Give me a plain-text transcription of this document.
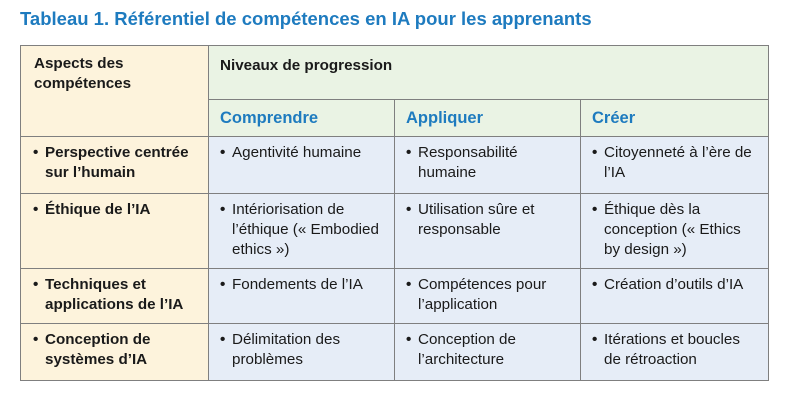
Tableau 1. Référentiel de compétences en IA pour les apprenants
Aspects des compétences	Niveaux de progression		
	Comprendre	Appliquer	Créer

• Perspective centrée sur l’humain	• Agentivité humaine	• Responsabilité humaine	• Citoyenneté à l’ère de l’IA

• Éthique de l’IA	• Intériorisation de l’éthique (« Embodied ethics »)	• Utilisation sûre et responsable	• Éthique dès la conception (« Ethics by design »)

• Techniques et applications de l’IA	• Fondements de l’IA	• Compétences pour l’application	• Création d’outils d’IA

• Conception de systèmes d’IA	• Délimitation des problèmes	• Conception de l’architecture	• Itérations et boucles de rétroaction
